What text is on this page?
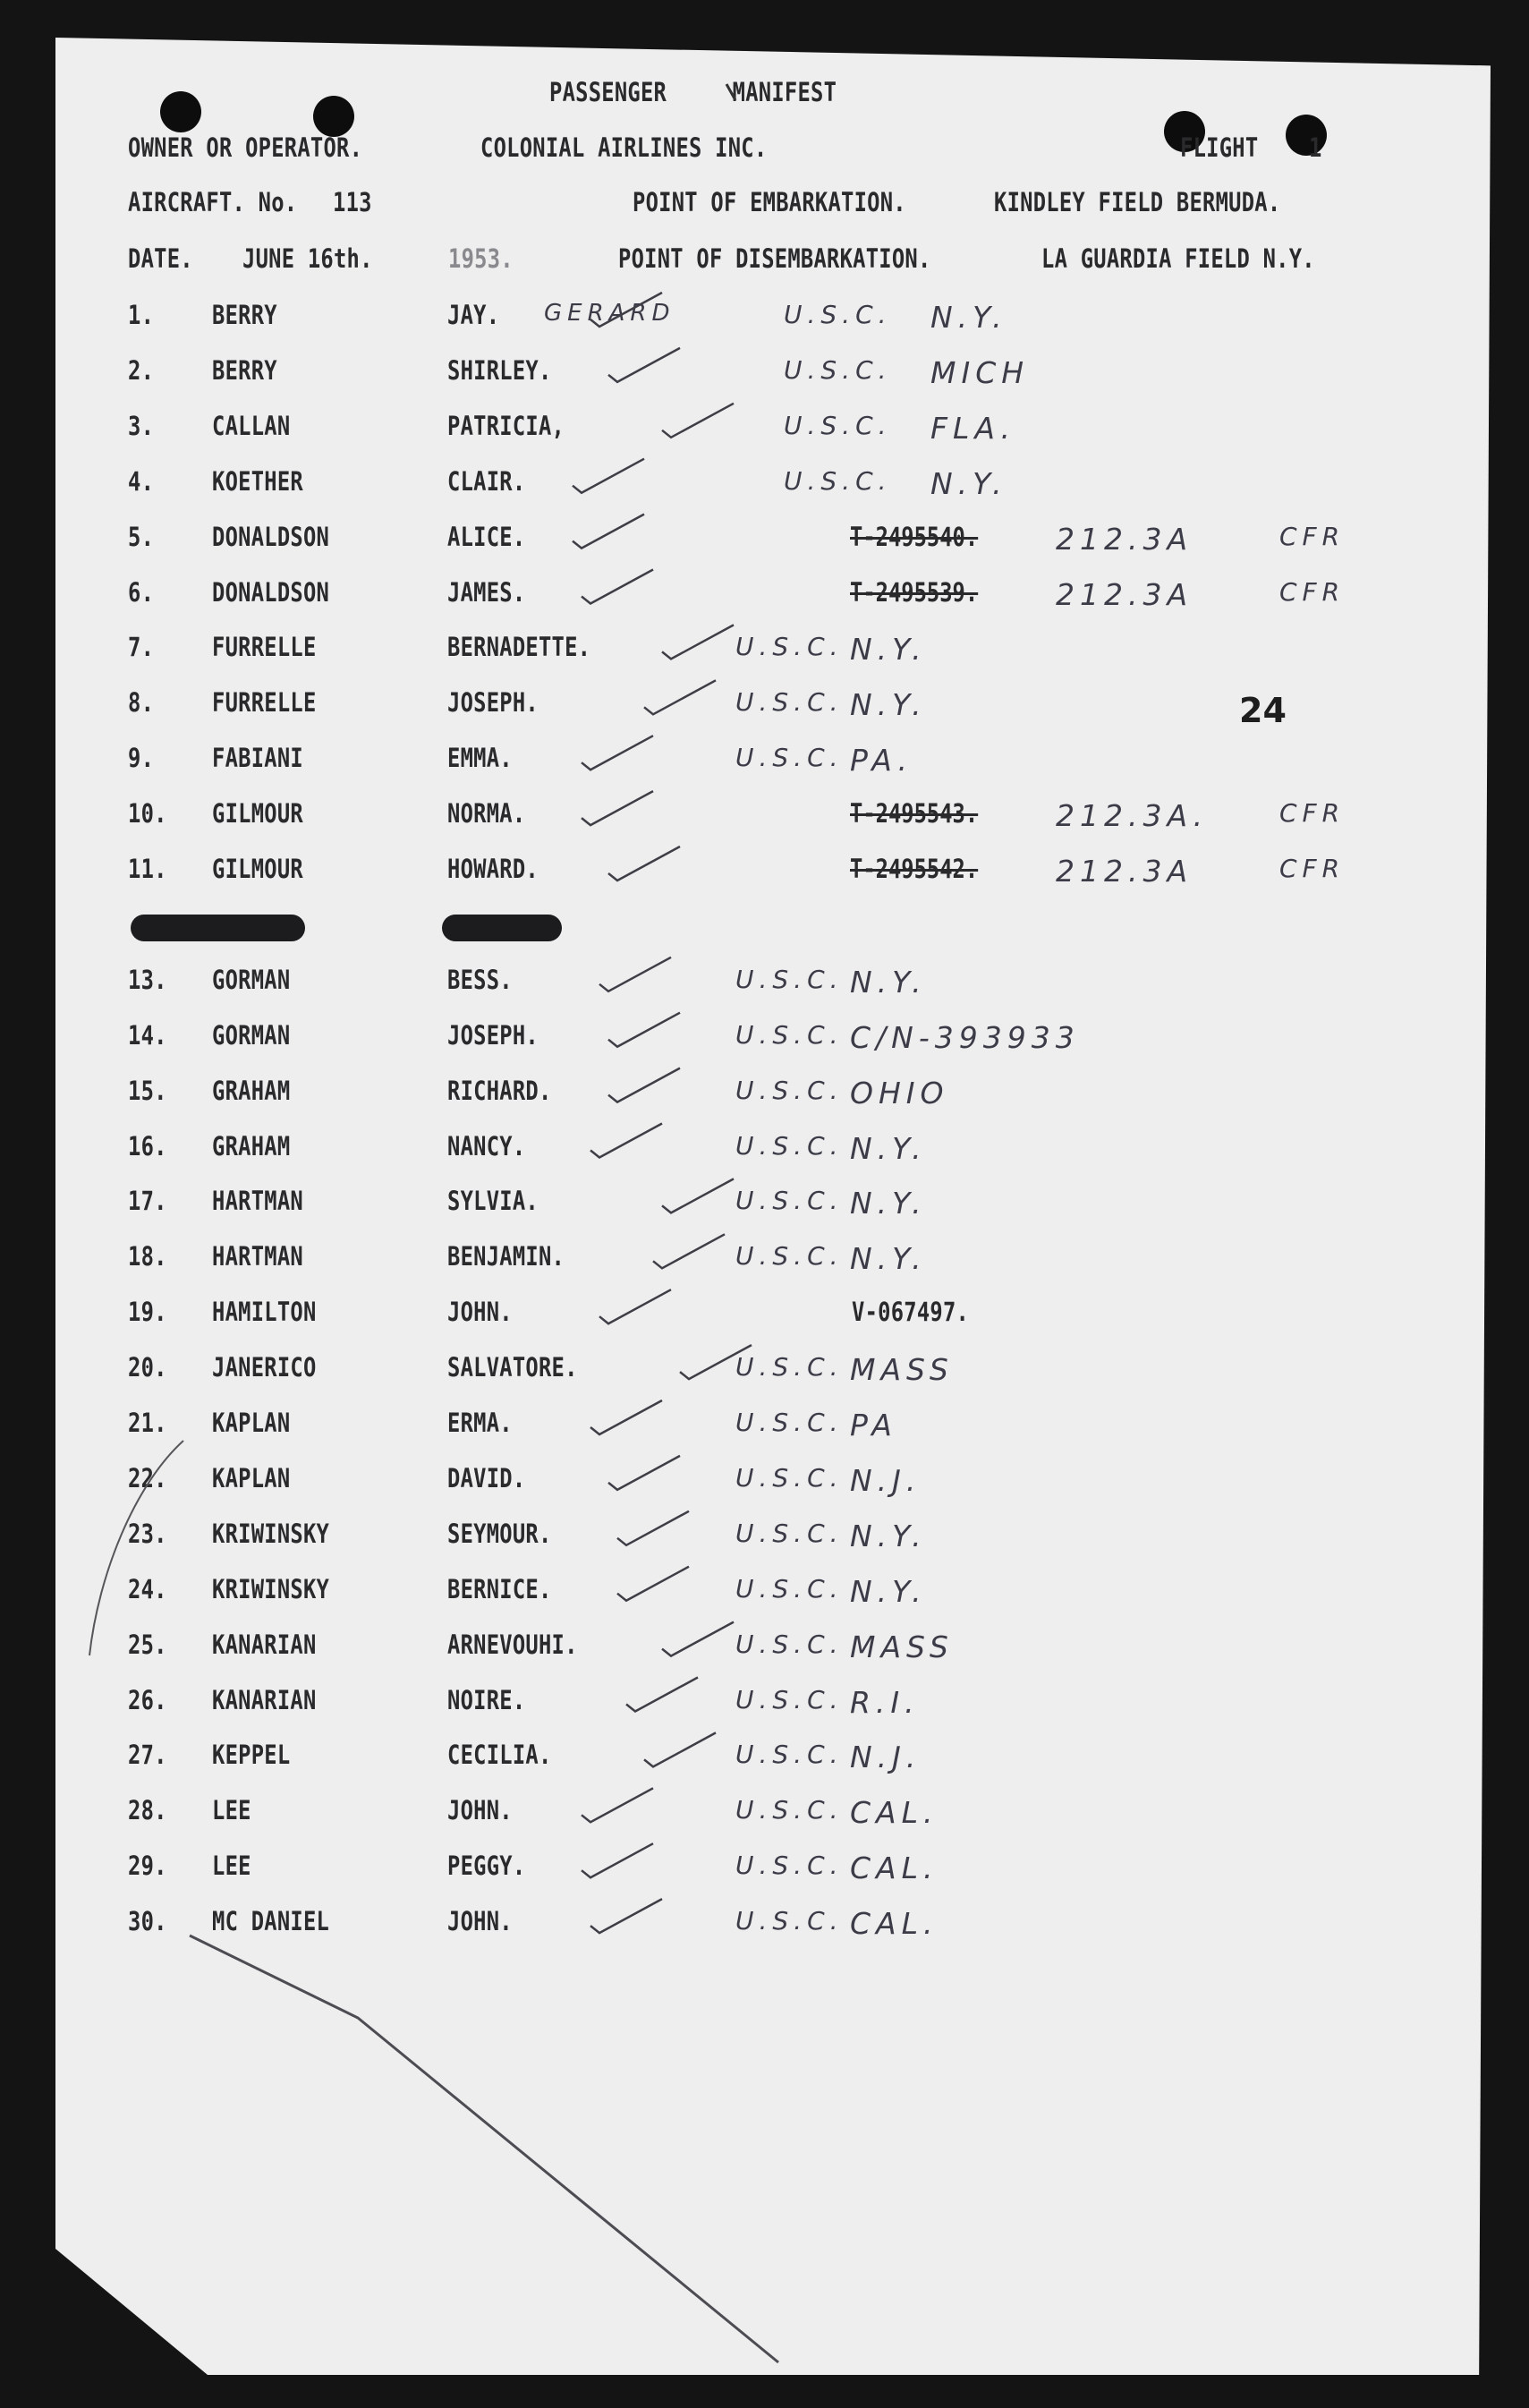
PASSENGER MANIFEST
OWNER OR OPERATOR.	COLONIAL AIRLINES INC.	FLIGHT 1
AIRCRAFT. No. 113	POINT OF EMBARKATION.	KINDLEY FIELD BERMUDA.
DATE. JUNE 16th.	1953.	POINT OF DISEMBARKATION.	LA GUARDIA FIELD N.Y.
24
1. BERRY	JAY. GERARD	U.S.C. N.Y.
2. BERRY	SHIRLEY.	U.S.C. MICH
3. CALLAN	PATRICIA,	U.S.C. FLA.
4. KOETHER	CLAIR.	U.S.C. N.Y.
5. DONALDSON	ALICE.	T-2495540.	212.3A	CFR
6. DONALDSON	JAMES.	T-2495539.	212.3A	CFR
7. FURRELLE	BERNADETTE.	U.S.C. N.Y.
8. FURRELLE	JOSEPH.	U.S.C. N.Y.
9. FABIANI	EMMA.	U.S.C. PA.
10. GILMOUR	NORMA.	T-2495543.	212.3A.	CFR
11. GILMOUR	HOWARD.	T-2495542.	212.3A	CFR
13. GORMAN	BESS.	U.S.C. N.Y.
14. GORMAN	JOSEPH.	U.S.C. C/N-393933
15. GRAHAM	RICHARD.	U.S.C. OHIO
16. GRAHAM	NANCY.	U.S.C. N.Y.
17. HARTMAN	SYLVIA.	U.S.C. N.Y.
18. HARTMAN	BENJAMIN.	U.S.C. N.Y.
19. HAMILTON	JOHN.	V-067497.
20. JANERICO	SALVATORE.	U.S.C. MASS
21. KAPLAN	ERMA.	U.S.C. PA
22. KAPLAN	DAVID.	U.S.C. N.J.
23. KRIWINSKY	SEYMOUR.	U.S.C. N.Y.
24. KRIWINSKY	BERNICE.	U.S.C. N.Y.
25. KANARIAN	ARNEVOUHI.	U.S.C. MASS
26. KANARIAN	NOIRE.	U.S.C. R.I.
27. KEPPEL	CECILIA.	U.S.C. N.J.
28. LEE	JOHN.	U.S.C. CAL.
29. LEE	PEGGY.	U.S.C. CAL.
30. MC DANIEL	JOHN.	U.S.C. CAL.
